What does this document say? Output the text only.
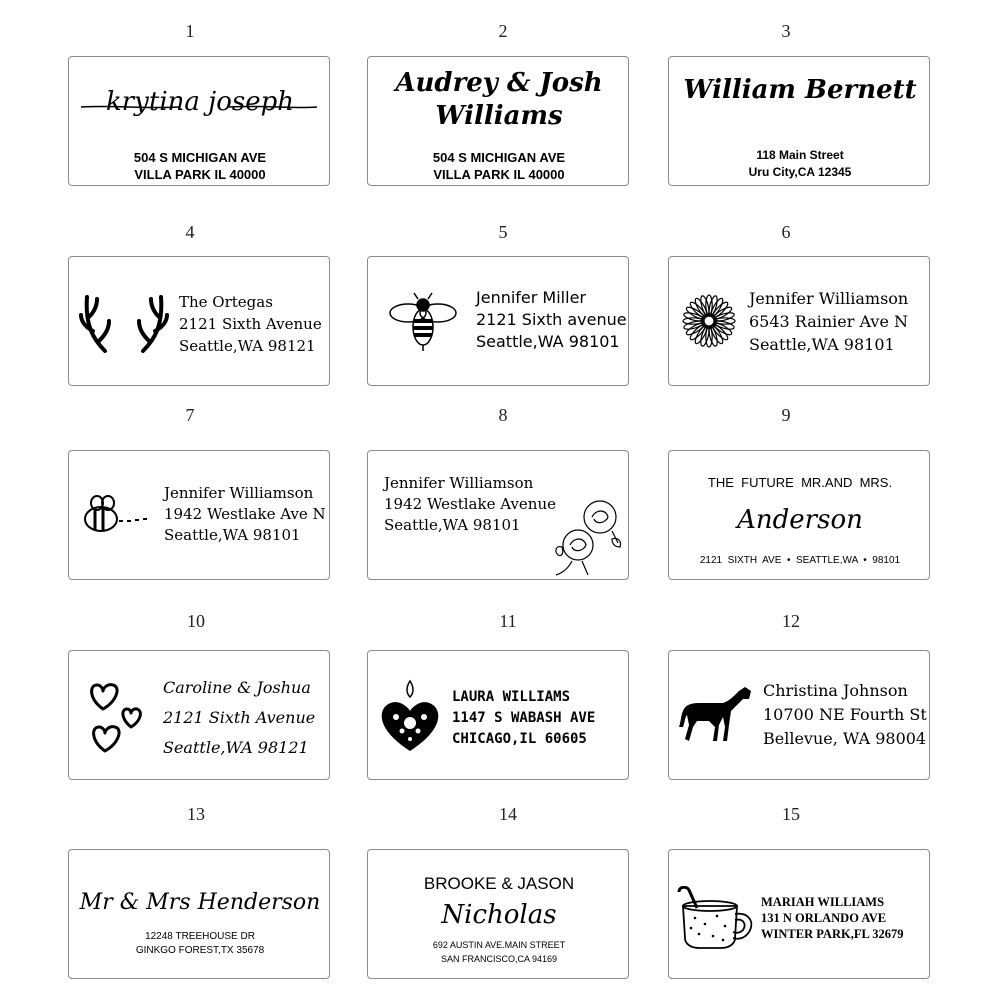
1	2	3
krytina joseph
504 S MICHIGAN AVE
VILLA PARK IL 40000
Audrey & Josh
Williams
504 S MICHIGAN AVE
VILLA PARK IL 40000
William Bernett
118 Main Street
Uru City,CA 12345
4	5	6
The Ortegas
2121 Sixth Avenue
Seattle,WA 98121
Jennifer Miller
2121 Sixth avenue
Seattle,WA 98101
Jennifer Williamson
6543 Rainier Ave N
Seattle,WA 98101
7	8	9
Jennifer Williamson
1942 Westlake Ave N
Seattle,WA 98101
Jennifer Williamson
1942 Westlake Avenue
Seattle,WA 98101
THE  FUTURE  MR.AND  MRS.
Anderson
2121  SIXTH  AVE  •  SEATTLE,WA  •  98101
10	11	12
Caroline & Joshua
2121 Sixth Avenue
Seattle,WA 98121
LAURA WILLIAMS
1147 S WABASH AVE
CHICAGO,IL 60605
Christina Johnson
10700 NE Fourth St
Bellevue, WA 98004
13	14	15
Mr & Mrs Henderson
12248 TREEHOUSE DR
GINKGO FOREST,TX 35678
BROOKE & JASON
Nicholas
692 AUSTIN AVE.MAIN STREET
SAN FRANCISCO,CA 94169
MARIAH WILLIAMS
131 N ORLANDO AVE
WINTER PARK,FL 32679
